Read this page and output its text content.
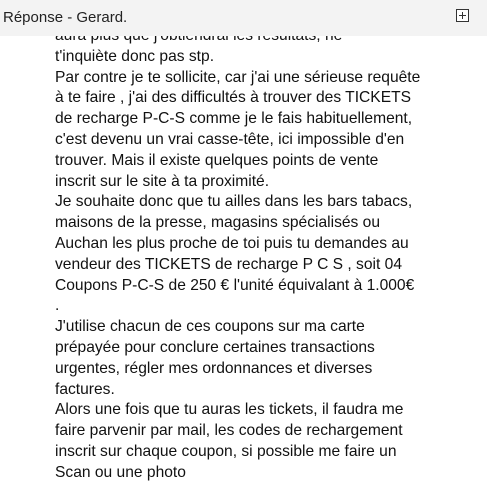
Réponse - Gerard.

t'inquiète donc pas stp.

Par contre je te sollicite, car j'ai une sérieuse requête

à te faire , j'ai des difficultés à trouver des TICKETS

de recharge P-C-S comme je le fais habituellement,

c'est devenu un vrai casse-tête, ici impossible d'en

trouver. Mais il existe quelques points de vente

inscrit sur le site à ta proximité.

Je souhaite donc que tu ailles dans les bars tabacs,

maisons de la presse, magasins spécialisés ou

Auchan les plus proche de toi puis tu demandes au

vendeur des TICKETS de recharge P C S , soit 04

Coupons P-C-S de 250 € l'unité équivalant à 1.000€

.

J'utilise chacun de ces coupons sur ma carte

prépayée pour conclure certaines transactions

urgentes, régler mes ordonnances et diverses

factures.

Alors une fois que tu auras les tickets, il faudra me

faire parvenir par mail, les codes de rechargement

inscrit sur chaque coupon, si possible me faire un

Scan ou une photo
